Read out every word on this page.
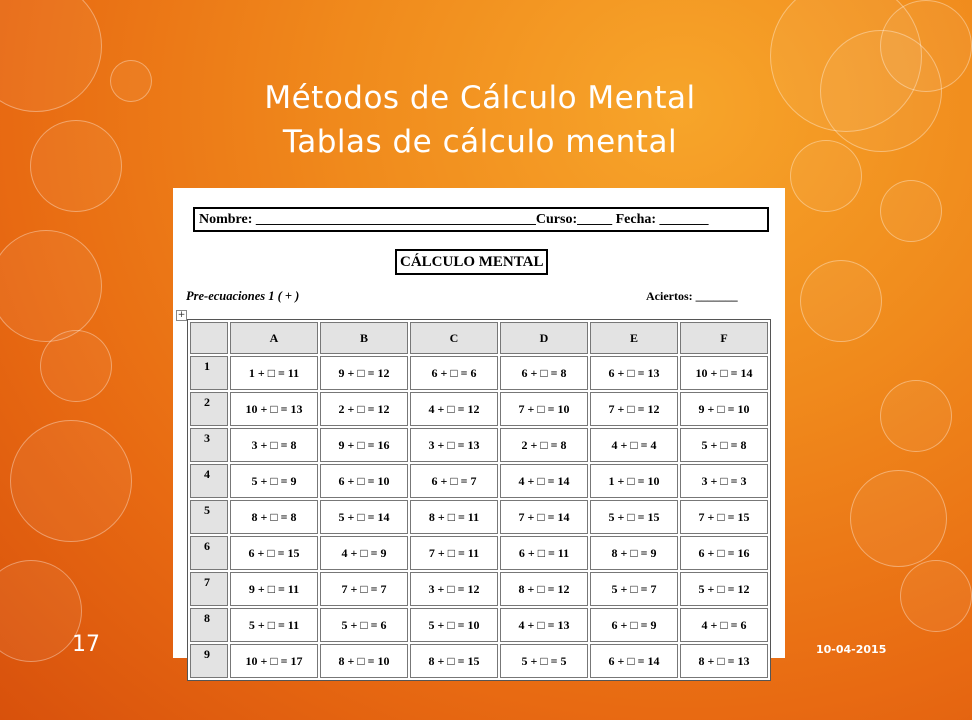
Métodos de Cálculo Mental
Tablas de cálculo mental
Nombre: ________________________________________Curso:_____ Fecha: _______
CÁLCULO MENTAL
Pre-ecuaciones 1 ( + )	Aciertos: _______
+
	A	B	C	D	E	F
1	1 + □ = 11	9 + □ = 12	6 + □ = 6	6 + □ = 8	6 + □ = 13	10 + □ = 14
2	10 + □ = 13	2 + □ = 12	4 + □ = 12	7 + □ = 10	7 + □ = 12	9 + □ = 10
3	3 + □ = 8	9 + □ = 16	3 + □ = 13	2 + □ = 8	4 + □ = 4	5 + □ = 8
4	5 + □ = 9	6 + □ = 10	6 + □ = 7	4 + □ = 14	1 + □ = 10	3 + □ = 3
5	8 + □ = 8	5 + □ = 14	8 + □ = 11	7 + □ = 14	5 + □ = 15	7 + □ = 15
6	6 + □ = 15	4 + □ = 9	7 + □ = 11	6 + □ = 11	8 + □ = 9	6 + □ = 16
7	9 + □ = 11	7 + □ = 7	3 + □ = 12	8 + □ = 12	5 + □ = 7	5 + □ = 12
8	5 + □ = 11	5 + □ = 6	5 + □ = 10	4 + □ = 13	6 + □ = 9	4 + □ = 6
9	10 + □ = 17	8 + □ = 10	8 + □ = 15	5 + □ = 5	6 + □ = 14	8 + □ = 13
17	10-04-2015
